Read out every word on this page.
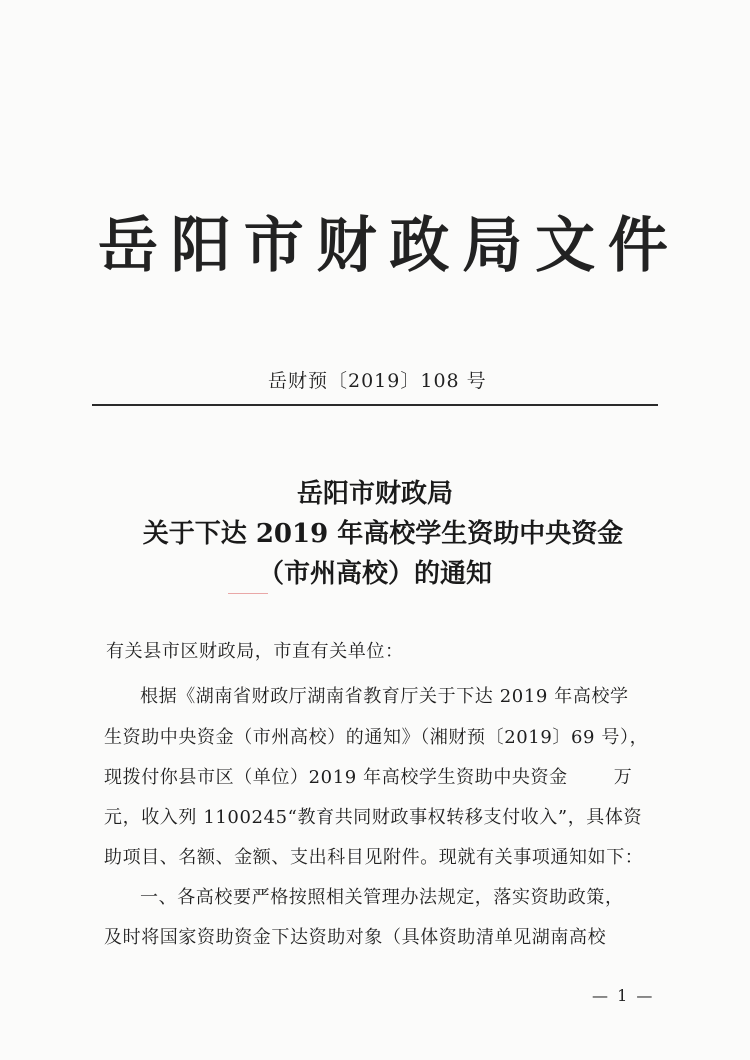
岳 阳 市 财 政 局 文 件
岳财预〔2019〕108 号
岳阳市财政局
关于下达 2019 年高校学生资助中央资金
（市州高校）的通知
有关县市区财政局，市直有关单位：
根据《湖南省财政厅湖南省教育厅关于下达 2019 年高校学
生资助中央资金（市州高校）的通知》（湘财预〔2019〕69 号），
现拨付你县市区（单位）2019 年高校学生资助中央资金	万
元，收入列 1100245“教育共同财政事权转移支付收入”，具体资
助项目、名额、金额、支出科目见附件。现就有关事项通知如下：
一、各高校要严格按照相关管理办法规定，落实资助政策，
及时将国家资助资金下达资助对象（具体资助清单见湖南高校
— 1 —
